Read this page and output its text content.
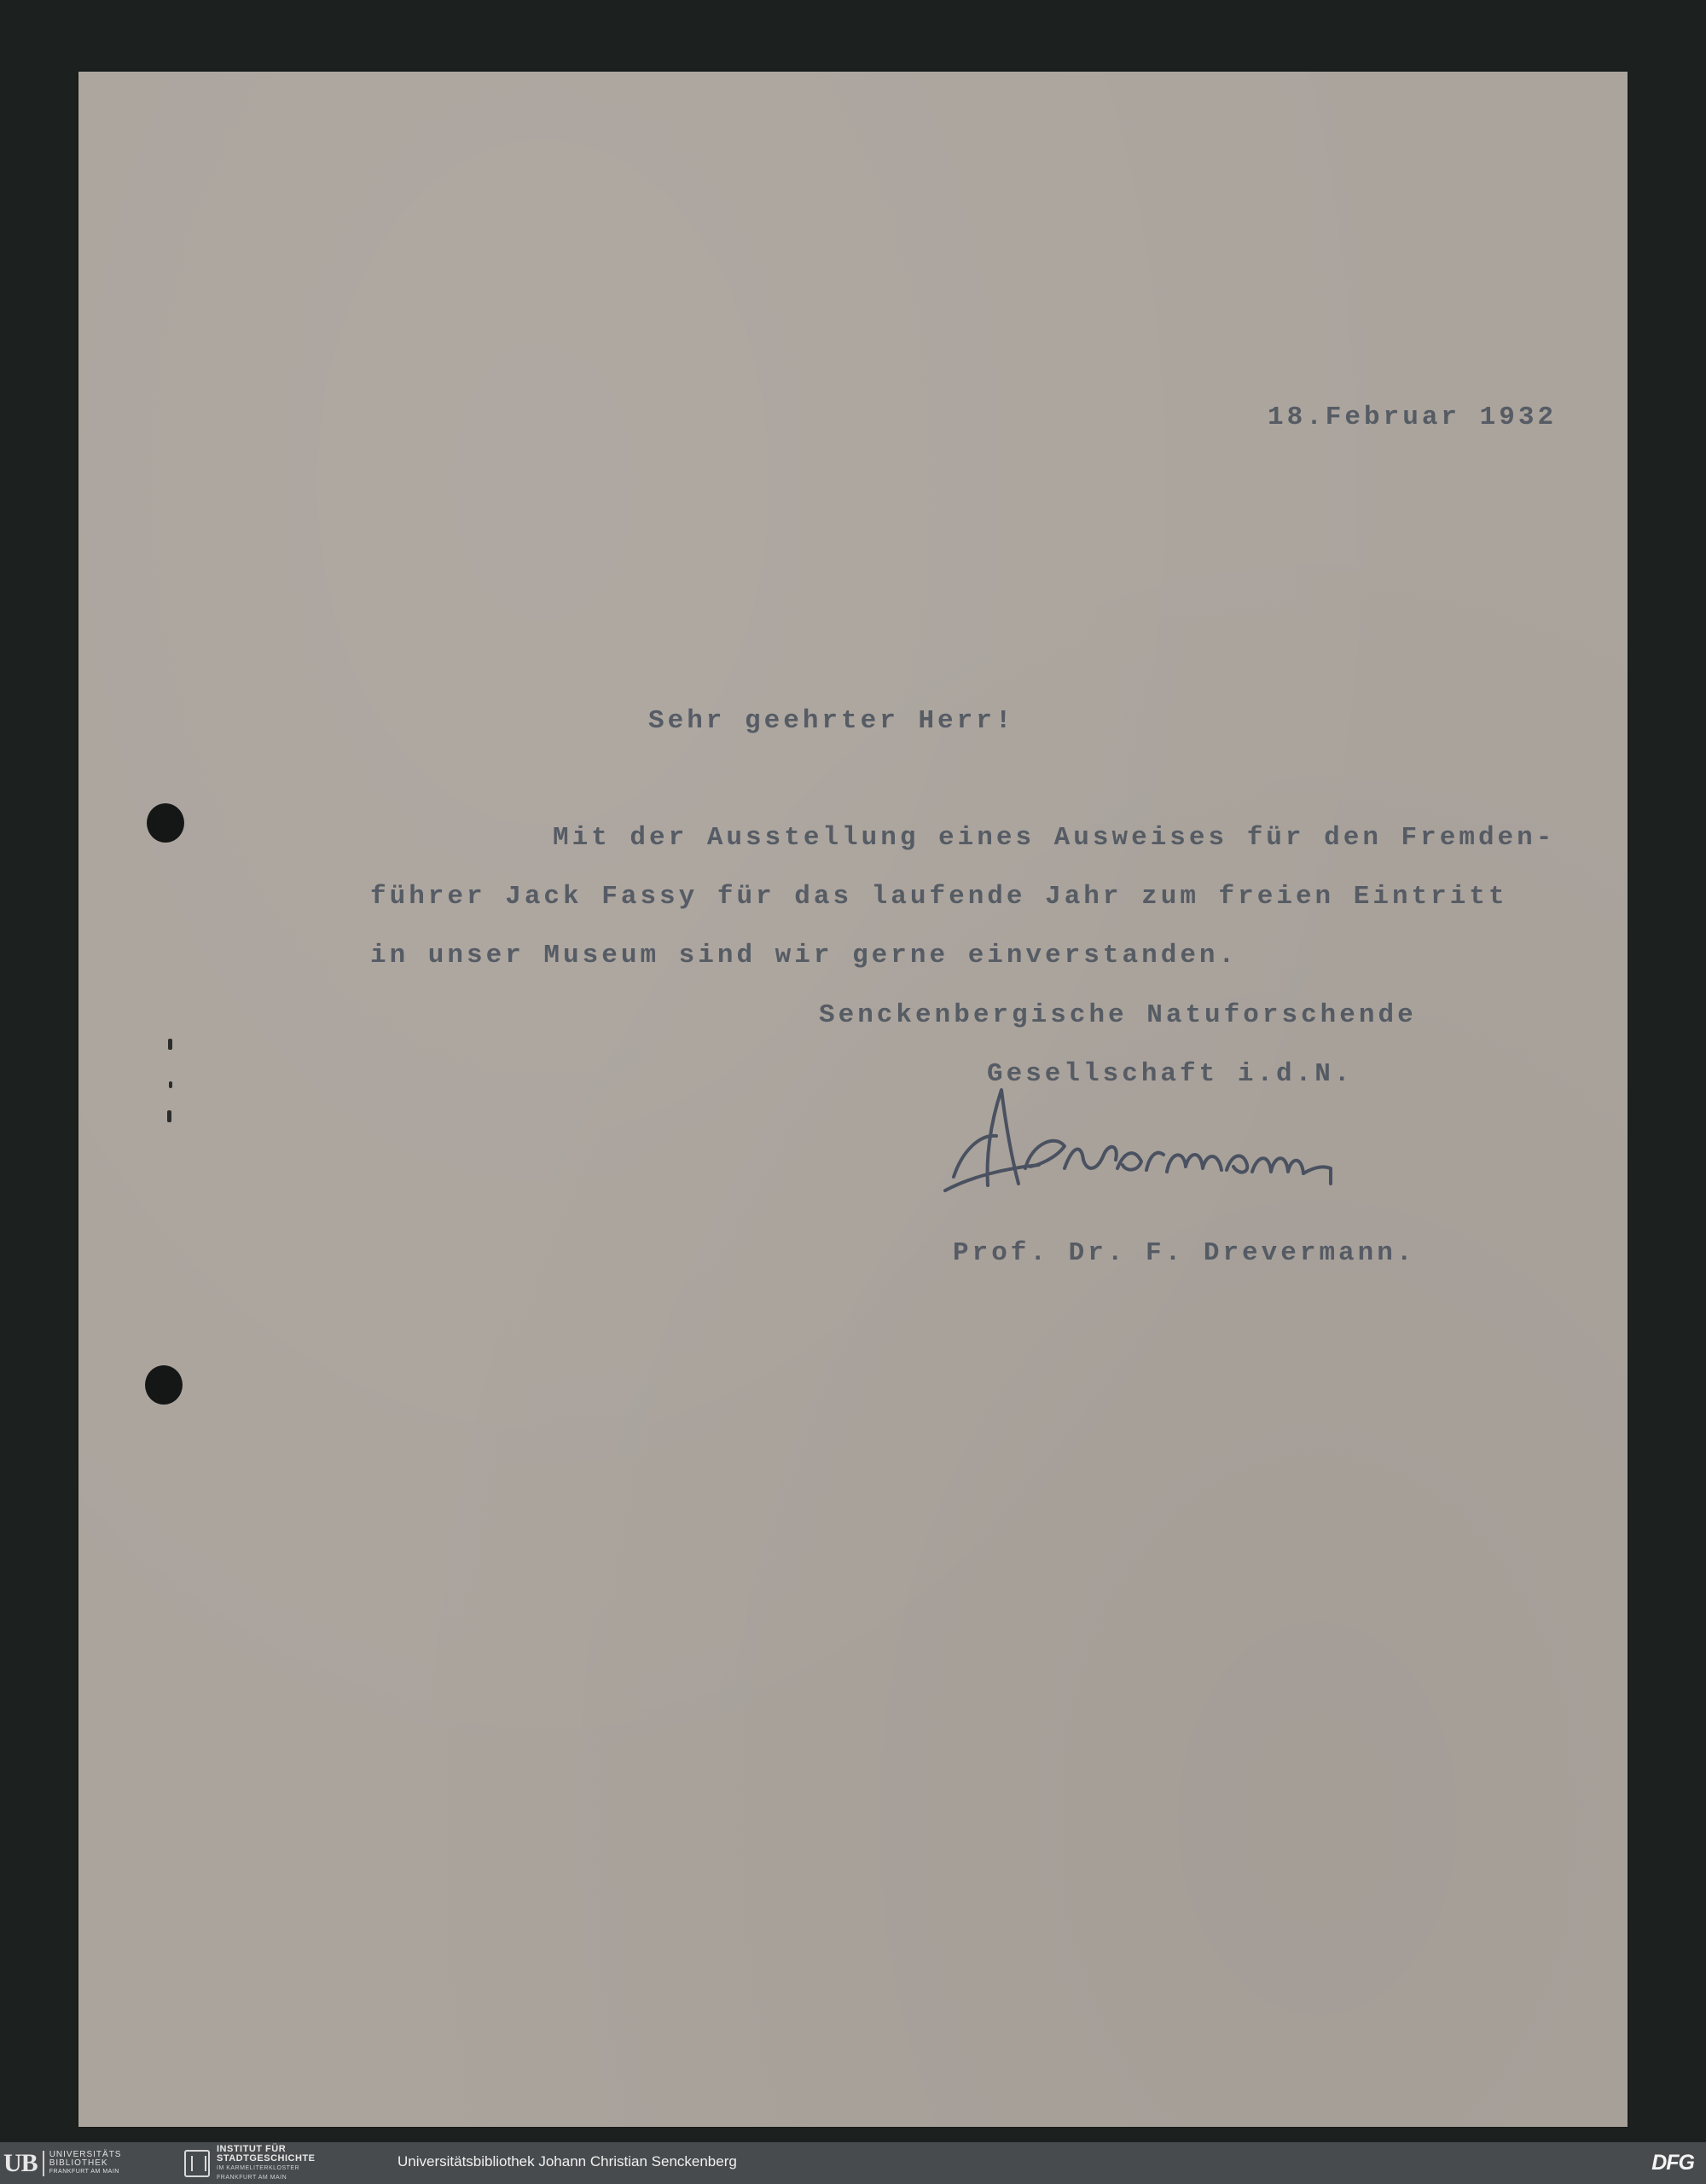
18.Februar 1932

Sehr geehrter Herr!

Mit der Ausstellung eines Ausweises für den Fremden-

führer Jack Fassy für das laufende Jahr zum freien Eintritt

in unser Museum sind wir gerne einverstanden.

Senckenbergische Natuforschende

Gesellschaft i.d.N.

Prof. Dr. F. Drevermann.

UB	UNIVERSITÄTS
BIBLIOTHEK
FRANKFURT AM MAIN
INSTITUT FÜR
STADTGESCHICHTE
IM KARMELITERKLOSTER
FRANKFURT AM MAIN
Universitätsbibliothek Johann Christian Senckenberg	DFG
